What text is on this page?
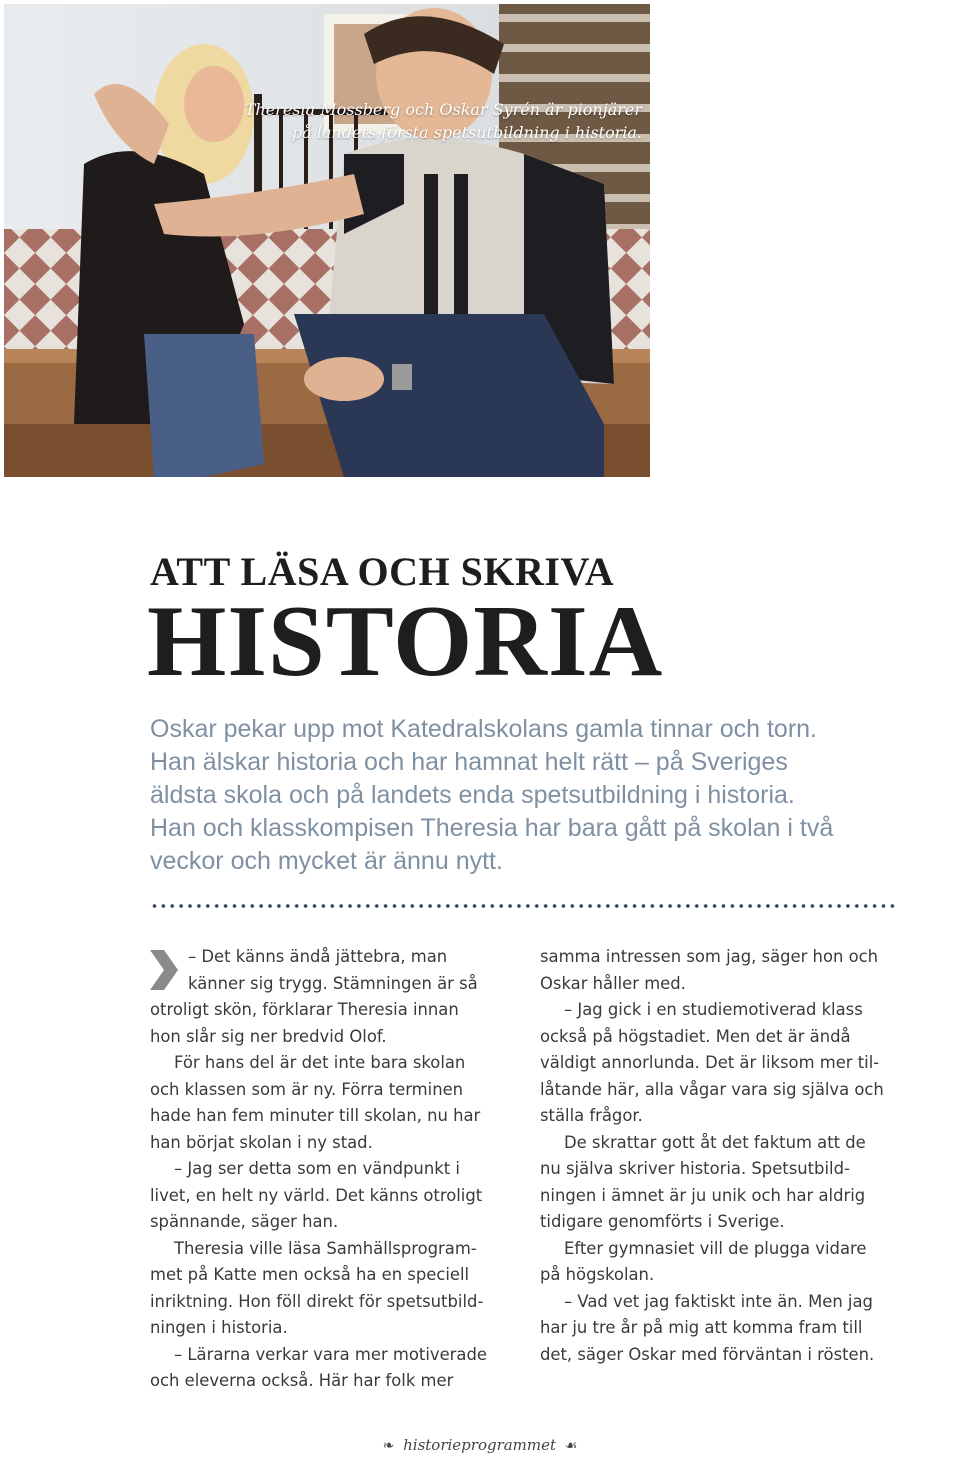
Theresia Mossberg och Oskar Syrén är pionjärer
på landets första spetsutbildning i historia.
ATT LÄSA OCH SKRIVA
HISTORIA
Oskar pekar upp mot Katedralskolans gamla tinnar och torn.
Han älskar historia och har hamnat helt rätt – på Sveriges
äldsta skola och på landets enda spetsutbildning i historia.
Han och klasskompisen Theresia har bara gått på skolan i två
veckor och mycket är ännu nytt.
– Det känns ändå jättebra, man
känner sig trygg. Stämningen är så
otroligt skön, förklarar Theresia innan
hon slår sig ner bredvid Olof.
För hans del är det inte bara skolan
och klassen som är ny. Förra terminen
hade han fem minuter till skolan, nu har
han börjat skolan i ny stad.
– Jag ser detta som en vändpunkt i
livet, en helt ny värld. Det känns otroligt
spännande, säger han.
Theresia ville läsa Samhällsprogram-
met på Katte men också ha en speciell
inriktning. Hon föll direkt för spetsutbild-
ningen i historia.
– Lärarna verkar vara mer motiverade
och eleverna också. Här har folk mer
samma intressen som jag, säger hon och
Oskar håller med.
– Jag gick i en studiemotiverad klass
också på högstadiet. Men det är ändå
väldigt annorlunda. Det är liksom mer til-
låtande här, alla vågar vara sig själva och
ställa frågor.
De skrattar gott åt det faktum att de
nu själva skriver historia. Spetsutbild-
ningen i ämnet är ju unik och har aldrig
tidigare genomförts i Sverige.
Efter gymnasiet vill de plugga vidare
på högskolan.
– Vad vet jag faktiskt inte än. Men jag
har ju tre år på mig att komma fram till
det, säger Oskar med förväntan i rösten.
❧ historieprogrammet ☙
